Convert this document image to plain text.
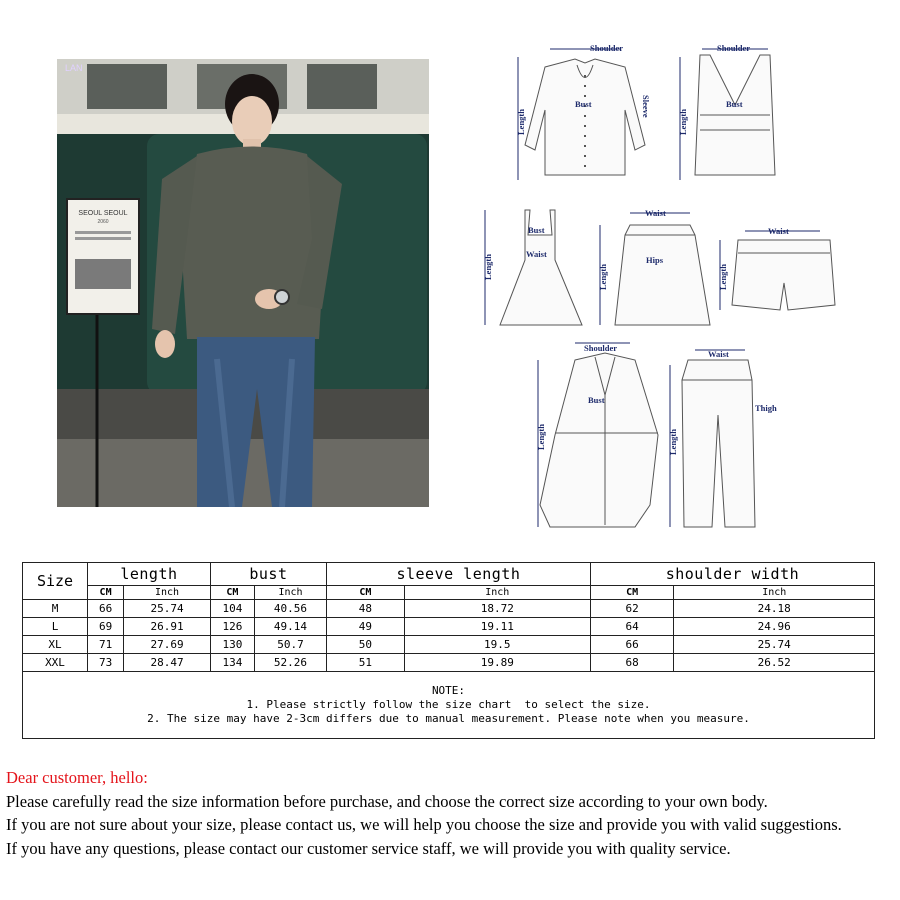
SEOUL SEOUL
2060
LAN
Shoulder
Bust	Sleeve
Length
Shoulder
Bust
Length
Bust
Waist
Length
Waist
Hips
Length
Waist
Length
Shoulder
Bust
Length
Waist
Thigh
Length
Size	length		bust		sleeve length		shoulder width	
	CM	Inch	CM	Inch	CM	Inch	CM	Inch
M	66	25.74	104	40.56	48	18.72	62	24.18
L	69	26.91	126	49.14	49	19.11	64	24.96
XL	71	27.69	130	50.7	50	19.5	66	25.74
XXL	73	28.47	134	52.26	51	19.89	68	26.52

NOTE:
1. Please strictly follow the size chart  to select the size.
2. The size may have 2-3cm differs due to manual measurement. Please note when you measure.								
Dear customer, hello:
Please carefully read the size information before purchase, and choose the correct size according to your own body.
If you are not sure about your size, please contact us, we will help you choose the size and provide you with valid suggestions.
If you have any questions, please contact our customer service staff, we will provide you with quality service.
